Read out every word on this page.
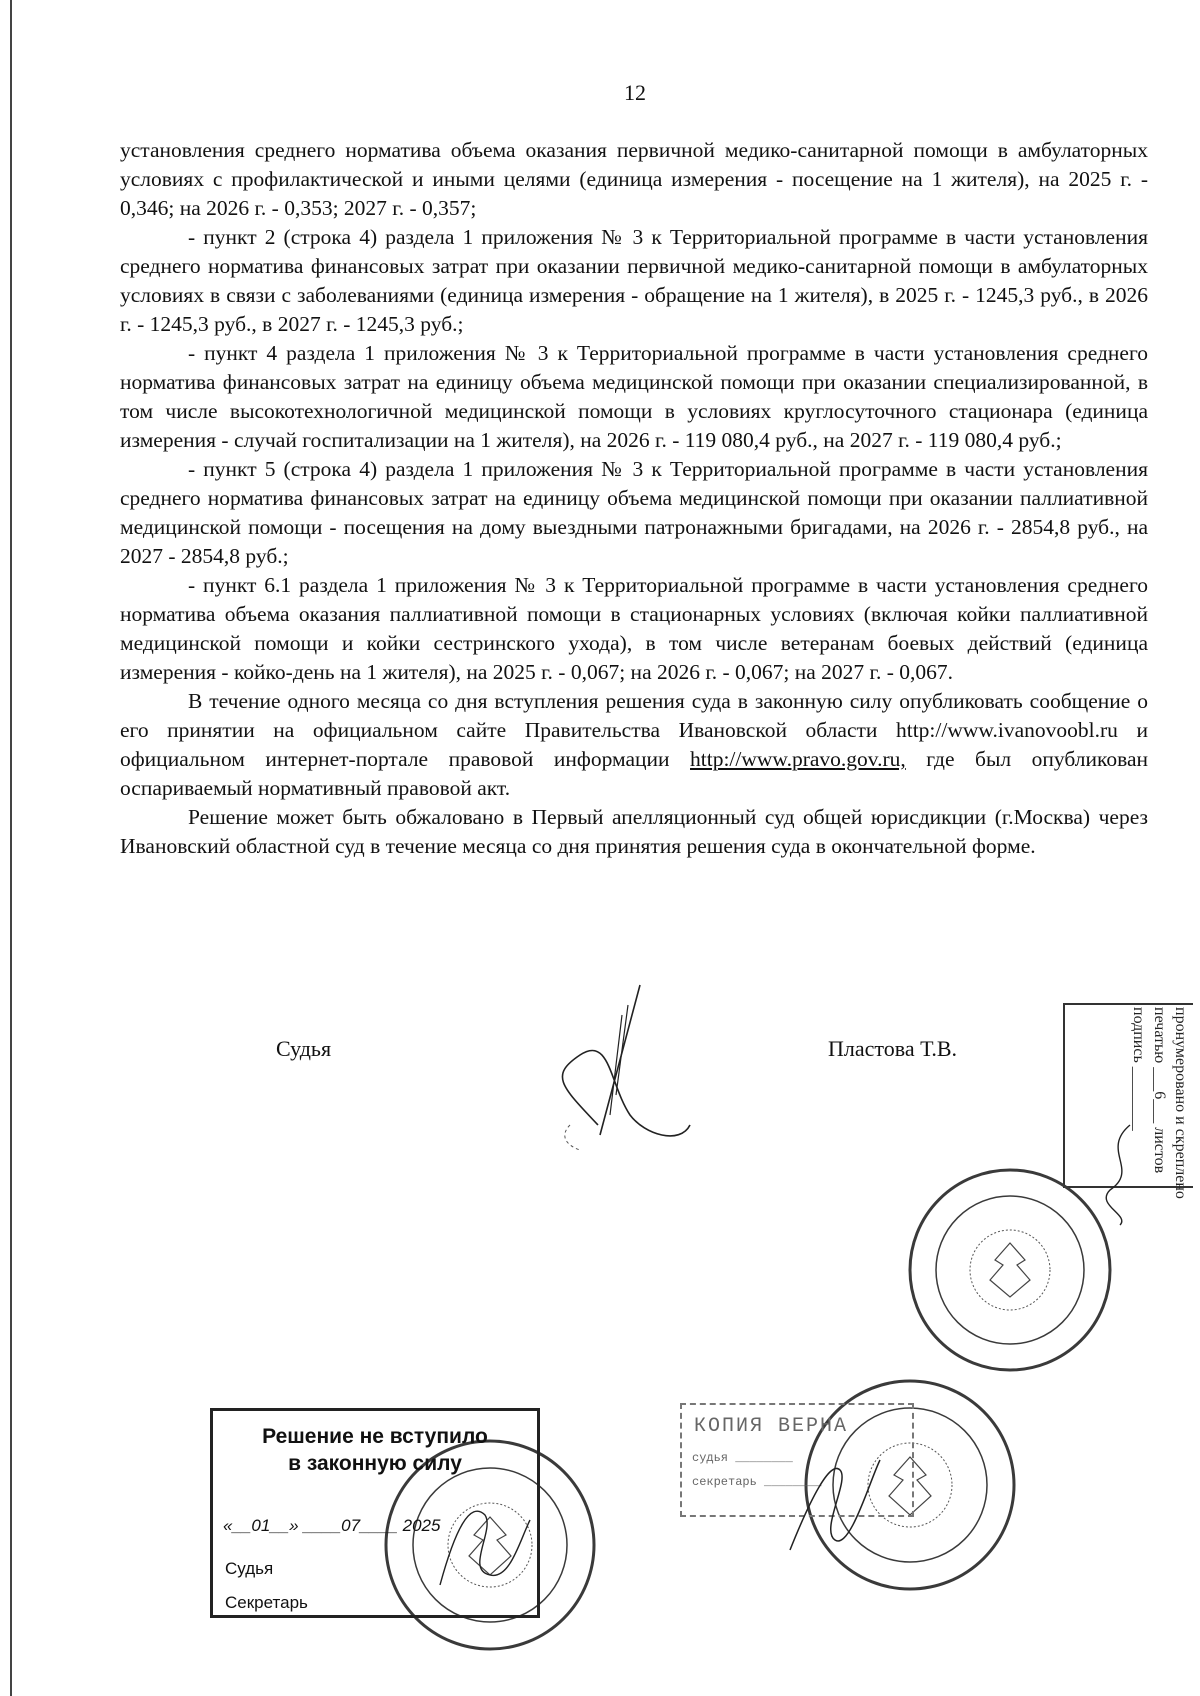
12

установления среднего норматива объема оказания первичной медико-санитарной помощи в амбулаторных условиях с профилактической и иными целями (единица измерения - посещение на 1 жителя), на 2025 г. - 0,346; на 2026 г. - 0,353; 2027 г. - 0,357;

- пункт 2 (строка 4) раздела 1 приложения № 3 к Территориальной программе в части установления среднего норматива финансовых затрат при оказании первичной медико-санитарной помощи в амбулаторных условиях в связи с заболеваниями (единица измерения - обращение на 1 жителя), в 2025 г. - 1245,3 руб., в 2026 г. - 1245,3 руб., в 2027 г. - 1245,3 руб.;

- пункт 4 раздела 1 приложения № 3 к Территориальной программе в части установления среднего норматива финансовых затрат на единицу объема медицинской помощи при оказании специализированной, в том числе высокотехнологичной медицинской помощи в условиях круглосуточного стационара (единица измерения - случай госпитализации на 1 жителя), на 2026 г. - 119 080,4 руб., на 2027 г. - 119 080,4 руб.;

- пункт 5 (строка 4) раздела 1 приложения № 3 к Территориальной программе в части установления среднего норматива финансовых затрат на единицу объема медицинской помощи при оказании паллиативной медицинской помощи - посещения на дому выездными патронажными бригадами, на 2026 г. - 2854,8 руб., на 2027 - 2854,8 руб.;

- пункт 6.1 раздела 1 приложения № 3 к Территориальной программе в части установления среднего норматива объема оказания паллиативной помощи в стационарных условиях (включая койки паллиативной медицинской помощи и койки сестринского ухода), в том числе ветеранам боевых действий (единица измерения - койко-день на 1 жителя), на 2025 г. - 0,067; на 2026 г. - 0,067; на 2027 г. - 0,067.

В течение одного месяца со дня вступления решения суда в законную силу опубликовать сообщение о его принятии на официальном сайте Правительства Ивановской области http://www.ivanovoobl.ru и официальном интернет-портале правовой информации http://www.pravo.gov.ru, где был опубликован оспариваемый нормативный правовой акт.

Решение может быть обжаловано в Первый апелляционный суд общей юрисдикции (г.Москва) через Ивановский областной суд в течение месяца со дня принятия решения суда в окончательной форме.

Судья	Пластова Т.В.	пронумеровано и скреплено
печатью ___6___ листов
подпись ________
КОПИЯ ВЕРНА
судья ________
секретарь ________
Решение не вступило
в законную силу
«__01__» ____07____ 2025
Судья
Секретарь
